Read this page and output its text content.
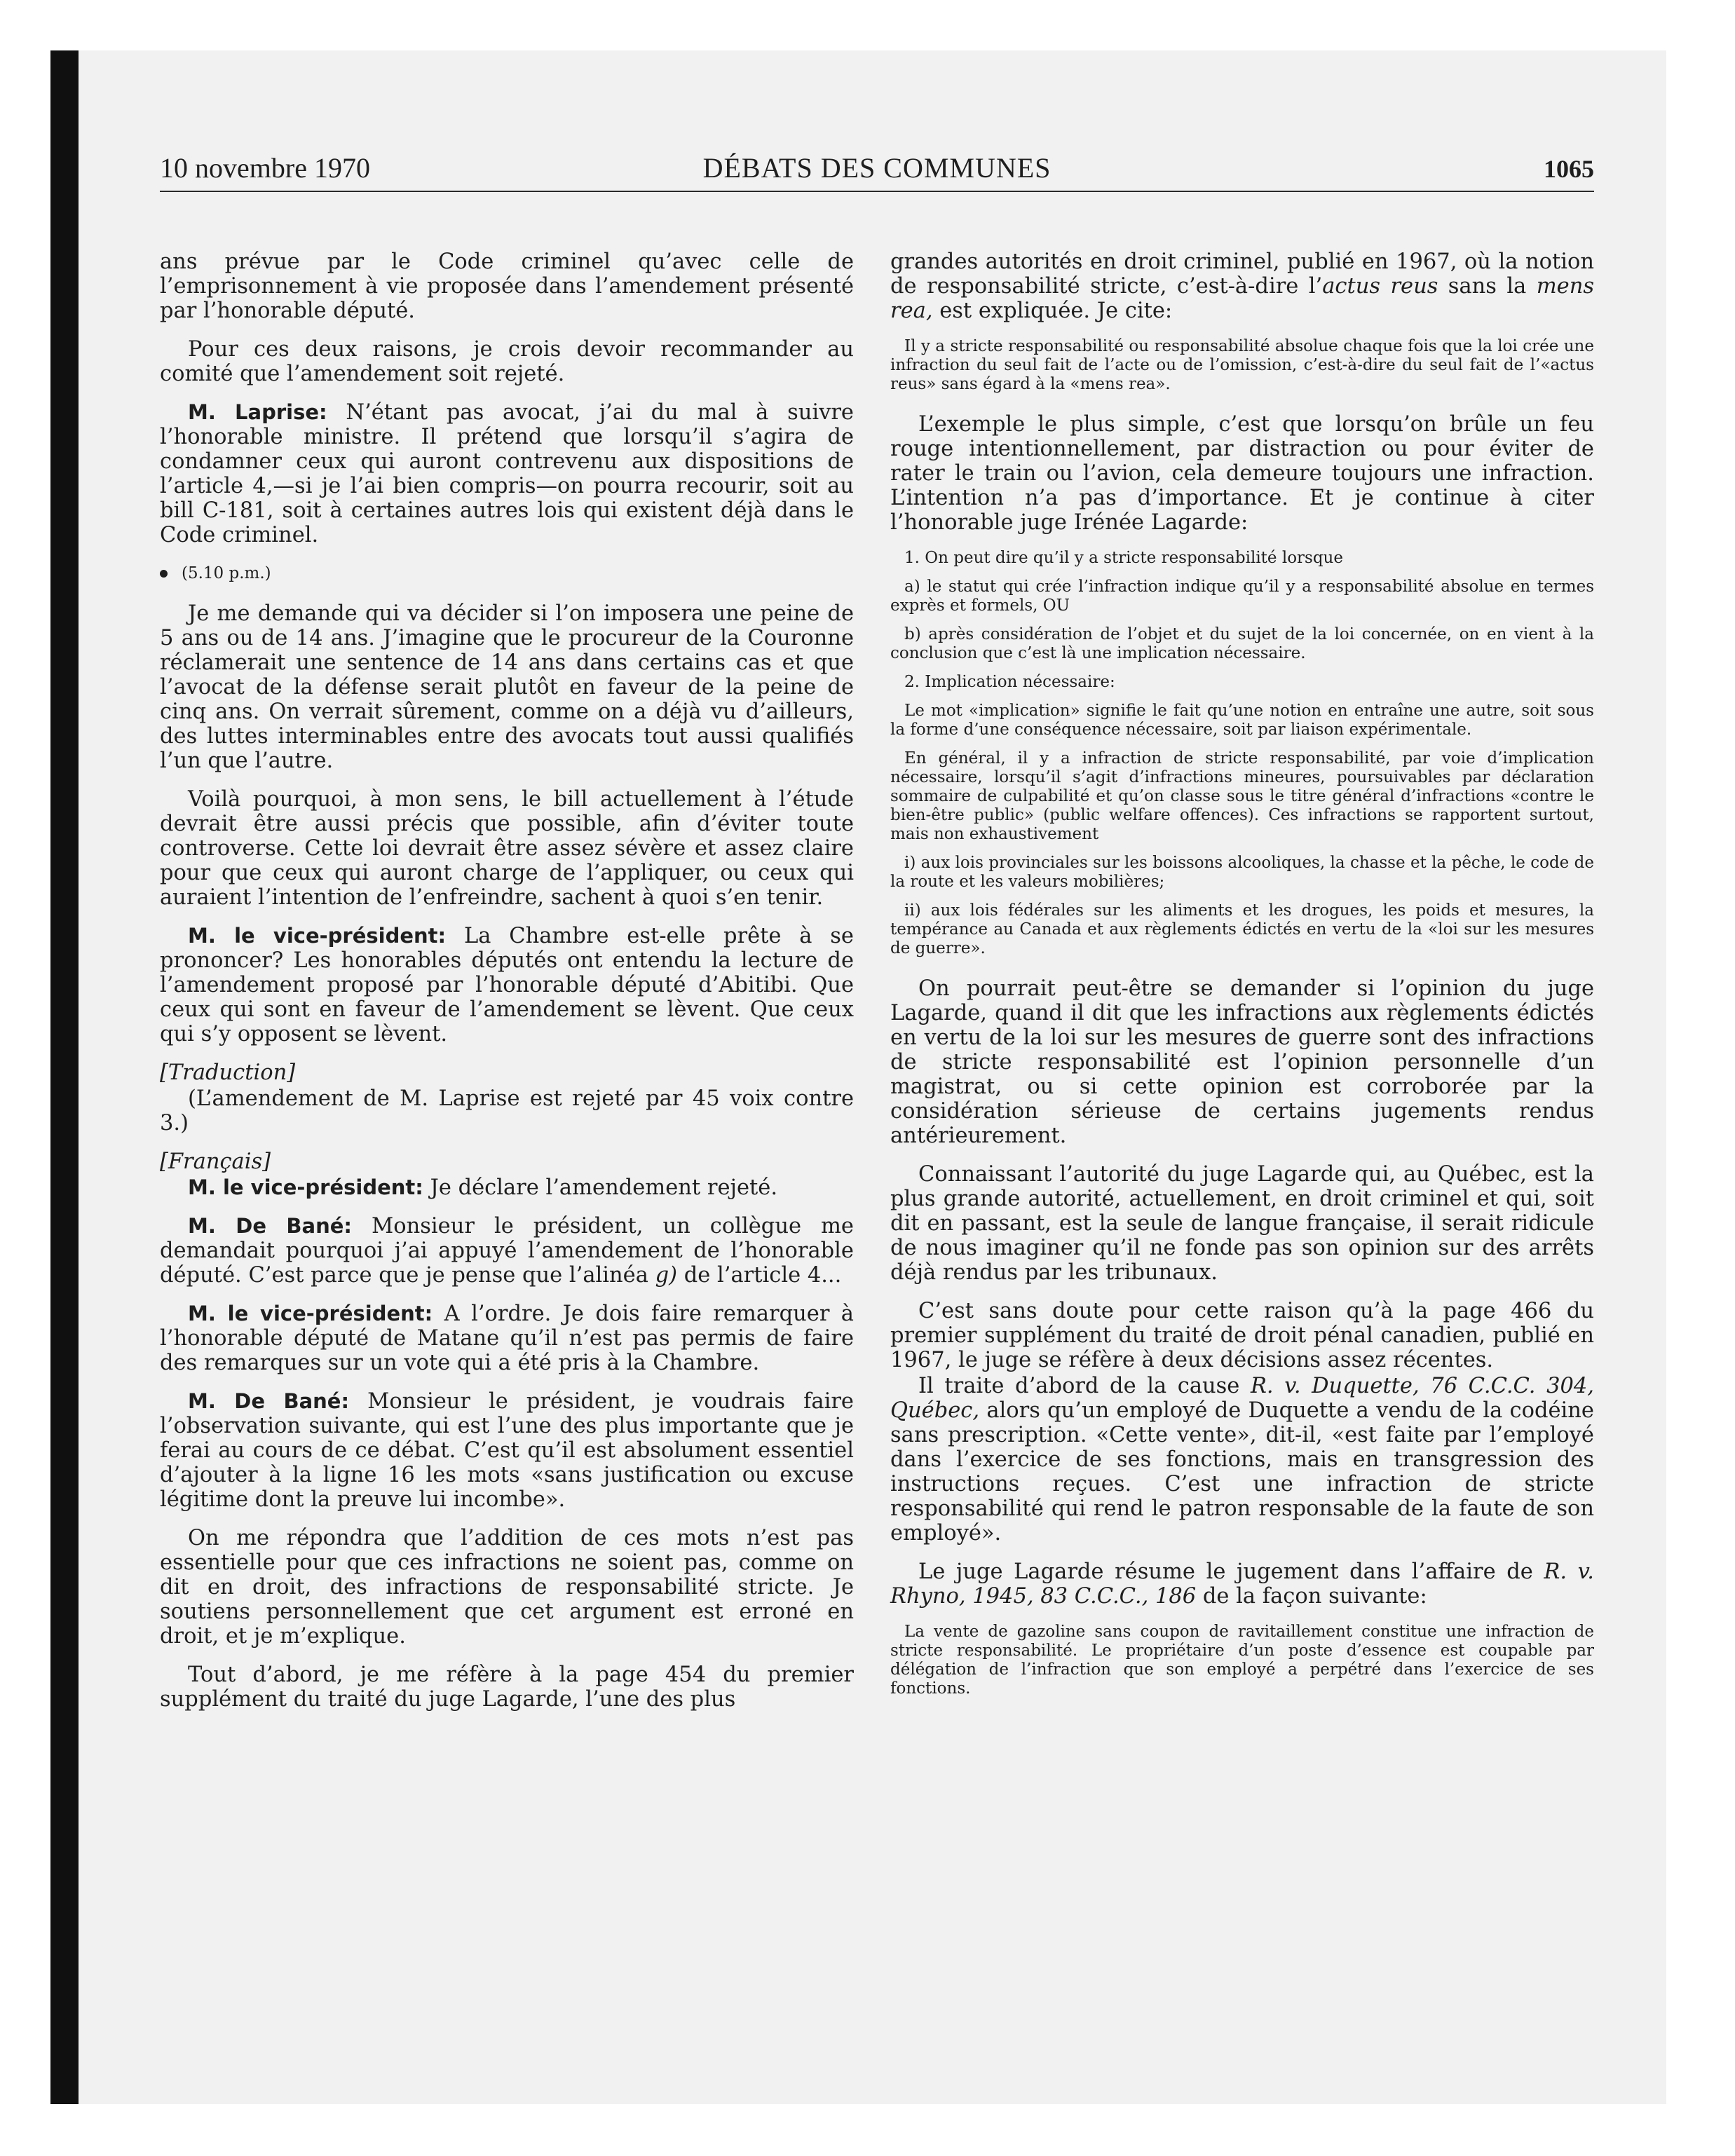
10 novembre 1970	DÉBATS DES COMMUNES	1065

ans prévue par le Code criminel qu’avec celle de l’emprisonnement à vie proposée dans l’amendement présenté par l’honorable député.

Pour ces deux raisons, je crois devoir recommander au comité que l’amendement soit rejeté.

M. Laprise: N’étant pas avocat, j’ai du mal à suivre l’honorable ministre. Il prétend que lorsqu’il s’agira de condamner ceux qui auront contrevenu aux dispositions de l’article 4,—si je l’ai bien compris—on pourra recourir, soit au bill C-181, soit à certaines autres lois qui existent déjà dans le Code criminel.

(5.10 p.m.)

Je me demande qui va décider si l’on imposera une peine de 5 ans ou de 14 ans. J’imagine que le procureur de la Couronne réclamerait une sentence de 14 ans dans certains cas et que l’avocat de la défense serait plutôt en faveur de la peine de cinq ans. On verrait sûrement, comme on a déjà vu d’ailleurs, des luttes interminables entre des avocats tout aussi qualifiés l’un que l’autre.

Voilà pourquoi, à mon sens, le bill actuellement à l’étude devrait être aussi précis que possible, afin d’éviter toute controverse. Cette loi devrait être assez sévère et assez claire pour que ceux qui auront charge de l’appliquer, ou ceux qui auraient l’intention de l’enfreindre, sachent à quoi s’en tenir.

M. le vice-président: La Chambre est-elle prête à se prononcer? Les honorables députés ont entendu la lecture de l’amendement proposé par l’honorable député d’Abitibi. Que ceux qui sont en faveur de l’amendement se lèvent. Que ceux qui s’y opposent se lèvent.

[Traduction]

(L’amendement de M. Laprise est rejeté par 45 voix contre 3.)

[Français]

M. le vice-président: Je déclare l’amendement rejeté.

M. De Bané: Monsieur le président, un collègue me demandait pourquoi j’ai appuyé l’amendement de l’honorable député. C’est parce que je pense que l’alinéa g) de l’article 4...

M. le vice-président: A l’ordre. Je dois faire remarquer à l’honorable député de Matane qu’il n’est pas permis de faire des remarques sur un vote qui a été pris à la Chambre.

M. De Bané: Monsieur le président, je voudrais faire l’observation suivante, qui est l’une des plus importante que je ferai au cours de ce débat. C’est qu’il est absolument essentiel d’ajouter à la ligne 16 les mots «sans justification ou excuse légitime dont la preuve lui incombe».

On me répondra que l’addition de ces mots n’est pas essentielle pour que ces infractions ne soient pas, comme on dit en droit, des infractions de responsabilité stricte. Je soutiens personnellement que cet argument est erroné en droit, et je m’explique.

Tout d’abord, je me réfère à la page 454 du premier supplément du traité du juge Lagarde, l’une des plus

grandes autorités en droit criminel, publié en 1967, où la notion de responsabilité stricte, c’est-à-dire l’actus reus sans la mens rea, est expliquée. Je cite:

Il y a stricte responsabilité ou responsabilité absolue chaque fois que la loi crée une infraction du seul fait de l’acte ou de l’omission, c’est-à-dire du seul fait de l’«actus reus» sans égard à la «mens rea».

L’exemple le plus simple, c’est que lorsqu’on brûle un feu rouge intentionnellement, par distraction ou pour éviter de rater le train ou l’avion, cela demeure toujours une infraction. L’intention n’a pas d’importance. Et je continue à citer l’honorable juge Irénée Lagarde:

1. On peut dire qu’il y a stricte responsabilité lorsque

a) le statut qui crée l’infraction indique qu’il y a responsabilité absolue en termes exprès et formels, OU

b) après considération de l’objet et du sujet de la loi concernée, on en vient à la conclusion que c’est là une implication nécessaire.

2. Implication nécessaire:

Le mot «implication» signifie le fait qu’une notion en entraîne une autre, soit sous la forme d’une conséquence nécessaire, soit par liaison expérimentale.

En général, il y a infraction de stricte responsabilité, par voie d’implication nécessaire, lorsqu’il s’agit d’infractions mineures, poursuivables par déclaration sommaire de culpabilité et qu’on classe sous le titre général d’infractions «contre le bien-être public» (public welfare offences). Ces infractions se rapportent surtout, mais non exhaustivement

i) aux lois provinciales sur les boissons alcooliques, la chasse et la pêche, le code de la route et les valeurs mobilières;

ii) aux lois fédérales sur les aliments et les drogues, les poids et mesures, la tempérance au Canada et aux règlements édictés en vertu de la «loi sur les mesures de guerre».

On pourrait peut-être se demander si l’opinion du juge Lagarde, quand il dit que les infractions aux règlements édictés en vertu de la loi sur les mesures de guerre sont des infractions de stricte responsabilité est l’opinion personnelle d’un magistrat, ou si cette opinion est corroborée par la considération sérieuse de certains jugements rendus antérieurement.

Connaissant l’autorité du juge Lagarde qui, au Québec, est la plus grande autorité, actuellement, en droit criminel et qui, soit dit en passant, est la seule de langue française, il serait ridicule de nous imaginer qu’il ne fonde pas son opinion sur des arrêts déjà rendus par les tribunaux.

C’est sans doute pour cette raison qu’à la page 466 du premier supplément du traité de droit pénal canadien, publié en 1967, le juge se réfère à deux décisions assez récentes.

Il traite d’abord de la cause R. v. Duquette, 76 C.C.C. 304, Québec, alors qu’un employé de Duquette a vendu de la codéine sans prescription. «Cette vente», dit-il, «est faite par l’employé dans l’exercice de ses fonctions, mais en transgression des instructions reçues. C’est une infraction de stricte responsabilité qui rend le patron responsable de la faute de son employé».

Le juge Lagarde résume le jugement dans l’affaire de R. v. Rhyno, 1945, 83 C.C.C., 186 de la façon suivante:

La vente de gazoline sans coupon de ravitaillement constitue une infraction de stricte responsabilité. Le propriétaire d’un poste d’essence est coupable par délégation de l’infraction que son employé a perpétré dans l’exercice de ses fonctions.
